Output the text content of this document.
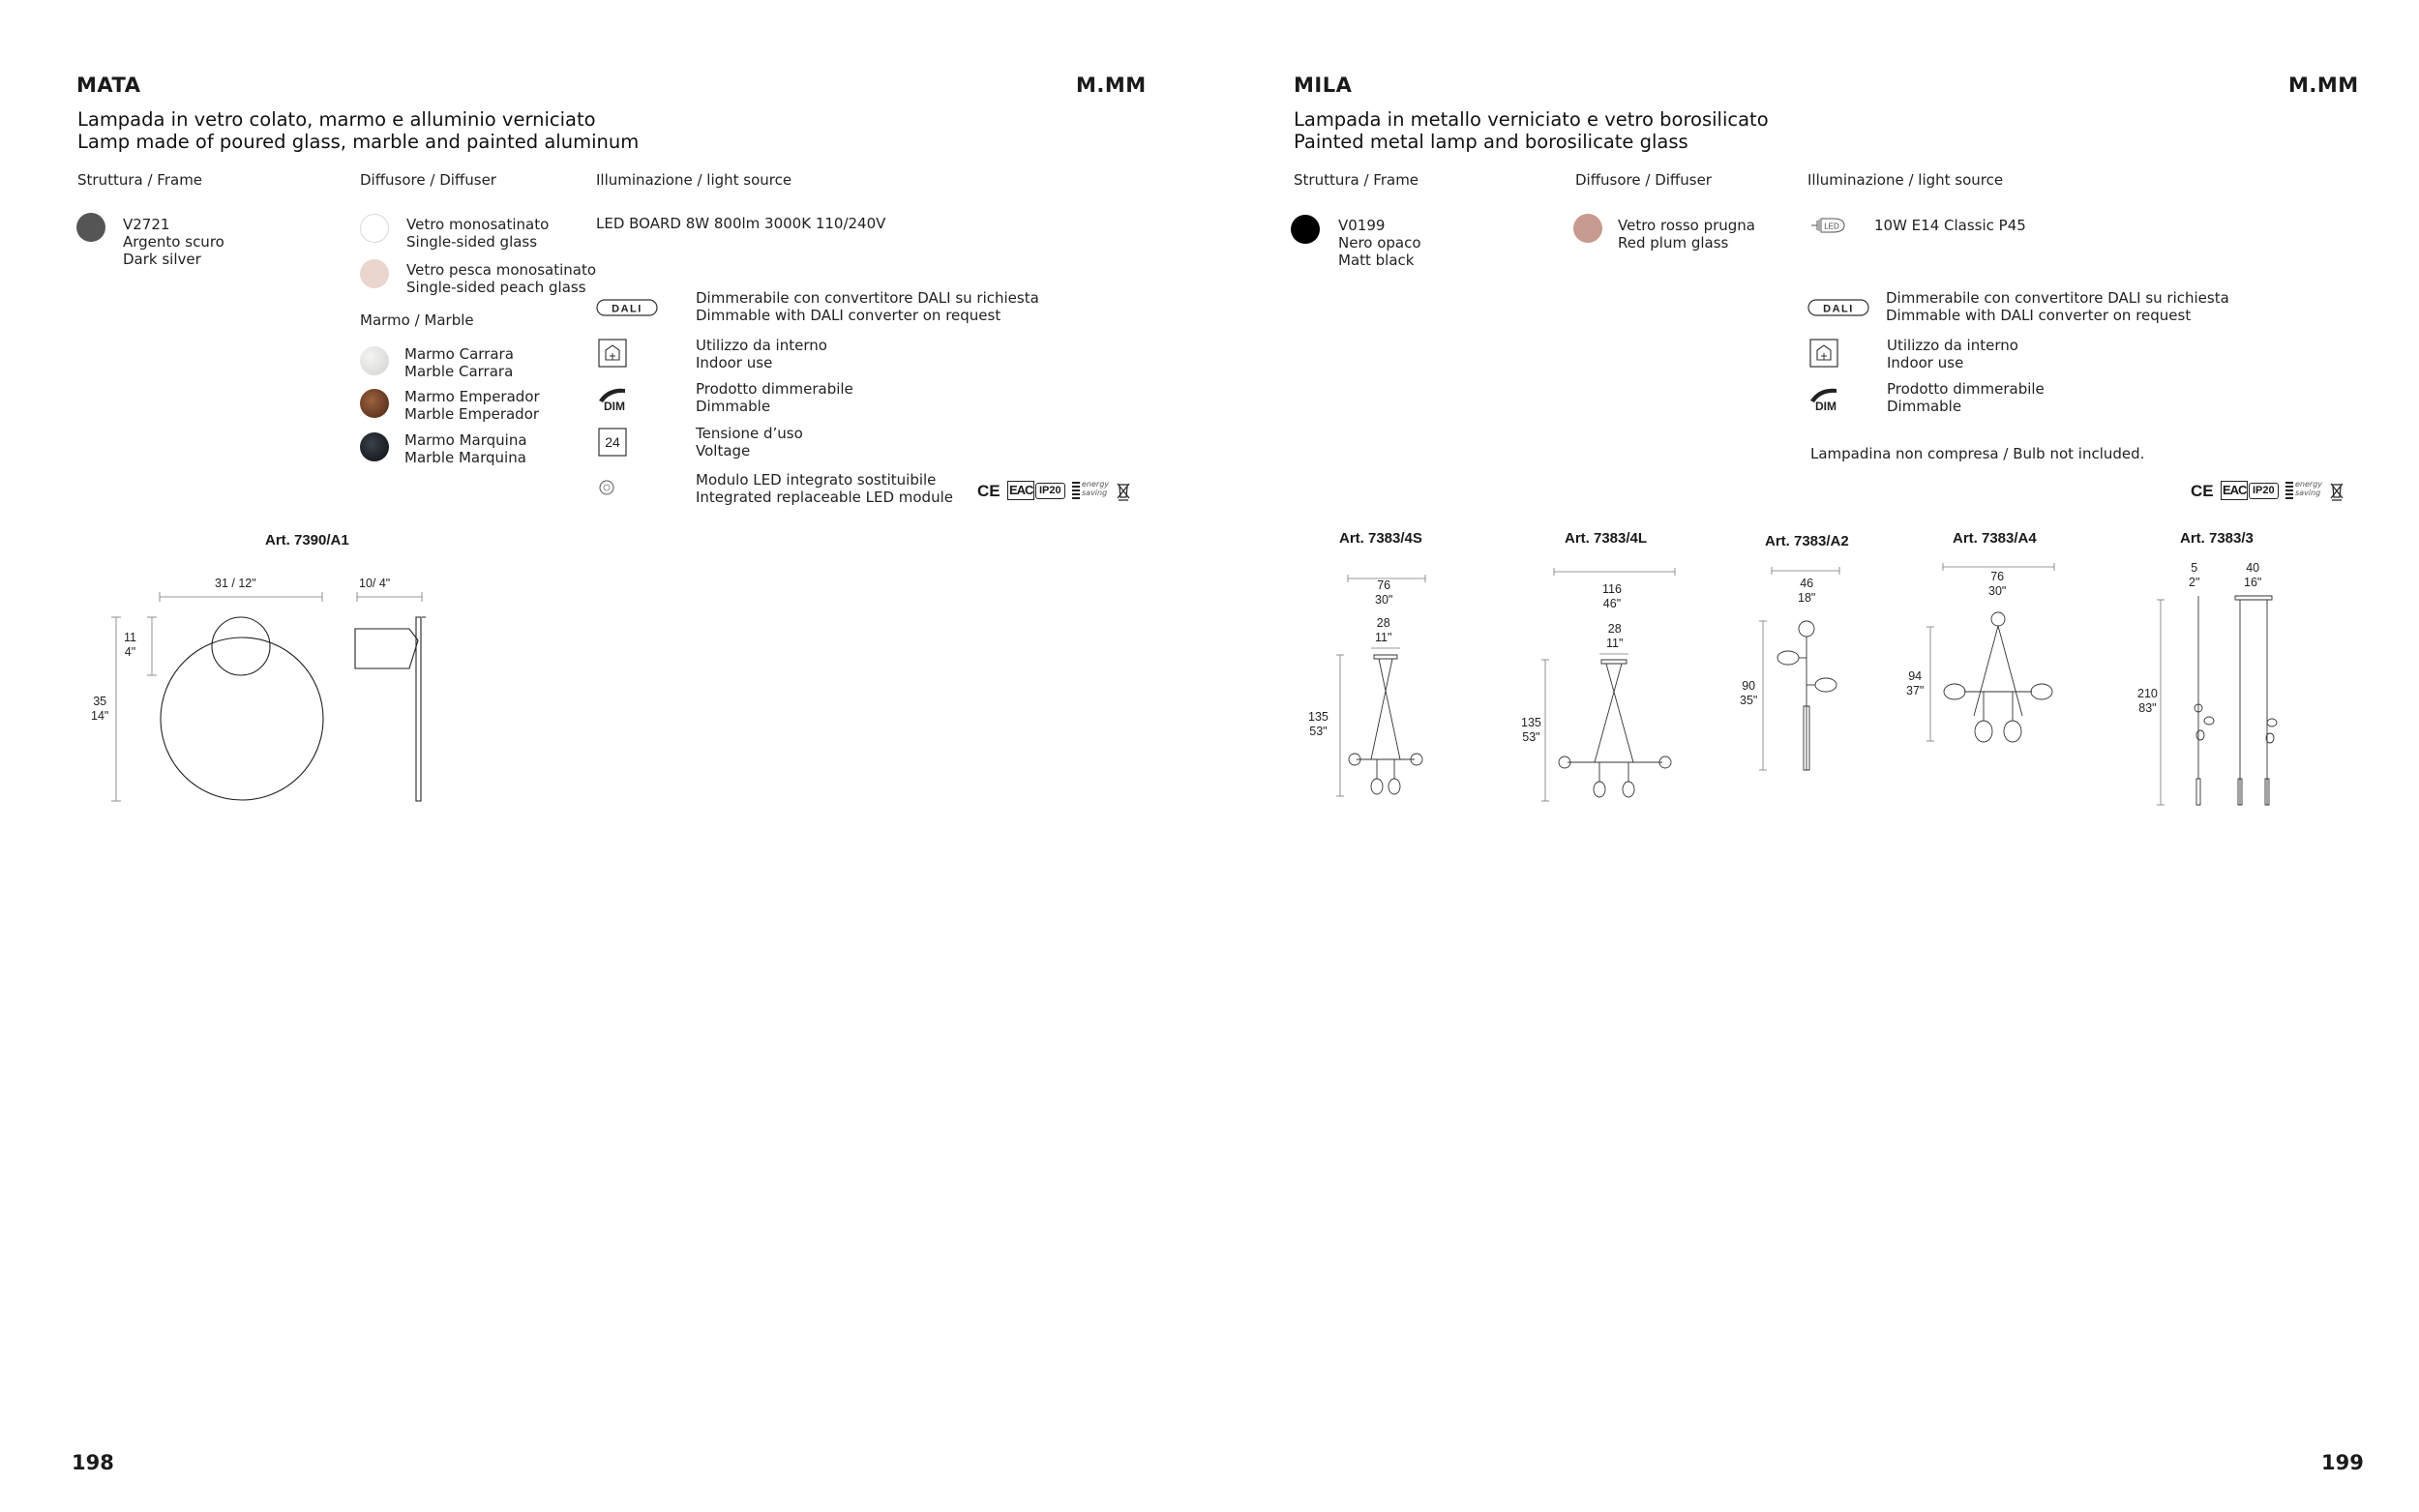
MATA	M.MM
Lampada in vetro colato, marmo e alluminio verniciato
Lamp made of poured glass, marble and painted aluminum
Struttura / Frame	Diffusore / Diffuser	Illuminazione / light source
V2721
Argento scuro
Dark silver
Vetro monosatinato
Single-sided glass
Vetro pesca monosatinato
Single-sided peach glass
Marmo / Marble
Marmo Carrara
Marble Carrara
Marmo Emperador
Marble Emperador
Marmo Marquina
Marble Marquina
LED BOARD 8W 800lm 3000K 110/240V
DALI
Dimmerabile con convertitore DALI su richiesta
Dimmable with DALI converter on request
Utilizzo da interno
Indoor use
DIM
Prodotto dimmerabile
Dimmable
24	Tensione d’uso
Voltage
Modulo LED integrato sostituibile
Integrated replaceable LED module CE EAC IP20
energy
saving
Art. 7390/A1
31 / 12"	10/ 4"
11
4"
35
14"
198
MILA	M.MM
Lampada in metallo verniciato e vetro borosilicato
Painted metal lamp and borosilicate glass
Struttura / Frame	Diffusore / Diffuser	Illuminazione / light source
V0199
Nero opaco
Matt black
Vetro rosso prugna
Red plum glass
LED 10W E14 Classic P45
DALI
Dimmerabile con convertitore DALI su richiesta
Dimmable with DALI converter on request
Utilizzo da interno
Indoor use
DIM
Prodotto dimmerabile
Dimmable
Lampadina non compresa / Bulb not included.
CE EAC IP20
energy
saving
Art. 7383/4S	Art. 7383/4L	Art. 7383/A2	Art. 7383/A4	Art. 7383/3
76
30"
28
11"
135
53"
116
46"
28
11"
135
53"
46
18"
90
35"
76
30"
94
37"
5
2"
40
16"
210
83"
199
